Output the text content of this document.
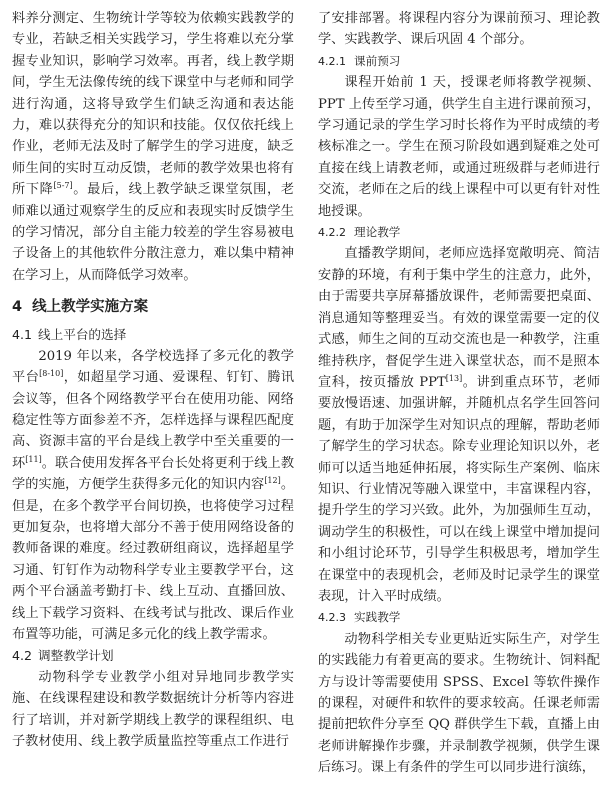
料养分测定、生物统计学等较为依赖实践教学的专业，若缺乏相关实践学习，学生将难以充分掌握专业知识，影响学习效率。再者，线上教学期间，学生无法像传统的线下课堂中与老师和同学进行沟通，这将导致学生们缺乏沟通和表达能力，难以获得充分的知识和技能。仅仅依托线上作业，老师无法及时了解学生的学习进度，缺乏师生间的实时互动反馈，老师的教学效果也将有所下降[5-7]。最后，线上教学缺乏课堂氛围，老师难以通过观察学生的反应和表现实时反馈学生的学习情况，部分自主能力较差的学生容易被电子设备上的其他软件分散注意力，难以集中精神在学习上，从而降低学习效率。

4 线上教学实施方案
4.1 线上平台的选择

2019 年以来，各学校选择了多元化的教学平台[8-10]，如超星学习通、爱课程、钉钉、腾讯会议等，但各个网络教学平台在使用功能、网络稳定性等方面参差不齐，怎样选择与课程匹配度高、资源丰富的平台是线上教学中至关重要的一环[11]。联合使用发挥各平台长处将更利于线上教学的实施，方便学生获得多元化的知识内容[12]。但是，在多个教学平台间切换，也将使学习过程更加复杂，也将增大部分不善于使用网络设备的教师备课的难度。经过教研组商议，选择超星学习通、钉钉作为动物科学专业主要教学平台，这两个平台涵盖考勤打卡、线上互动、直播回放、线上下载学习资料、在线考试与批改、课后作业布置等功能，可满足多元化的线上教学需求。

4.2 调整教学计划

动物科学专业教学小组对异地同步教学实施、在线课程建设和教学数据统计分析等内容进行了培训，并对新学期线上教学的课程组织、电子教材使用、线上教学质量监控等重点工作进行

了安排部署。将课程内容分为课前预习、理论教学、实践教学、课后巩固 4 个部分。

4.2.1 课前预习

课程开始前 1 天，授课老师将教学视频、PPT 上传至学习通，供学生自主进行课前预习，学习通记录的学生学习时长将作为平时成绩的考核标准之一。学生在预习阶段如遇到疑难之处可直接在线上请教老师，或通过班级群与老师进行交流，老师在之后的线上课程中可以更有针对性地授课。

4.2.2 理论教学

直播教学期间，老师应选择宽敞明亮、简洁安静的环境，有利于集中学生的注意力，此外，由于需要共享屏幕播放课件，老师需要把桌面、消息通知等整理妥当。有效的课堂需要一定的仪式感，师生之间的互动交流也是一种教学，注重维持秩序，督促学生进入课堂状态，而不是照本宣科，按页播放 PPT[13]。讲到重点环节，老师要放慢语速、加强讲解，并随机点名学生回答问题，有助于加深学生对知识点的理解，帮助老师了解学生的学习状态。除专业理论知识以外，老师可以适当地延伸拓展，将实际生产案例、临床知识、行业情况等融入课堂中，丰富课程内容，提升学生的学习兴致。此外，为加强师生互动，调动学生的积极性，可以在线上课堂中增加提问和小组讨论环节，引导学生积极思考，增加学生在课堂中的表现机会，老师及时记录学生的课堂表现，计入平时成绩。

4.2.3 实践教学

动物科学相关专业更贴近实际生产，对学生的实践能力有着更高的要求。生物统计、饲料配方与设计等需要使用 SPSS、Excel 等软件操作的课程，对硬件和软件的要求较高。任课老师需提前把软件分享至 QQ 群供学生下载，直播上由老师讲解操作步骤，并录制教学视频，供学生课后练习。课上有条件的学生可以同步进行演练，
